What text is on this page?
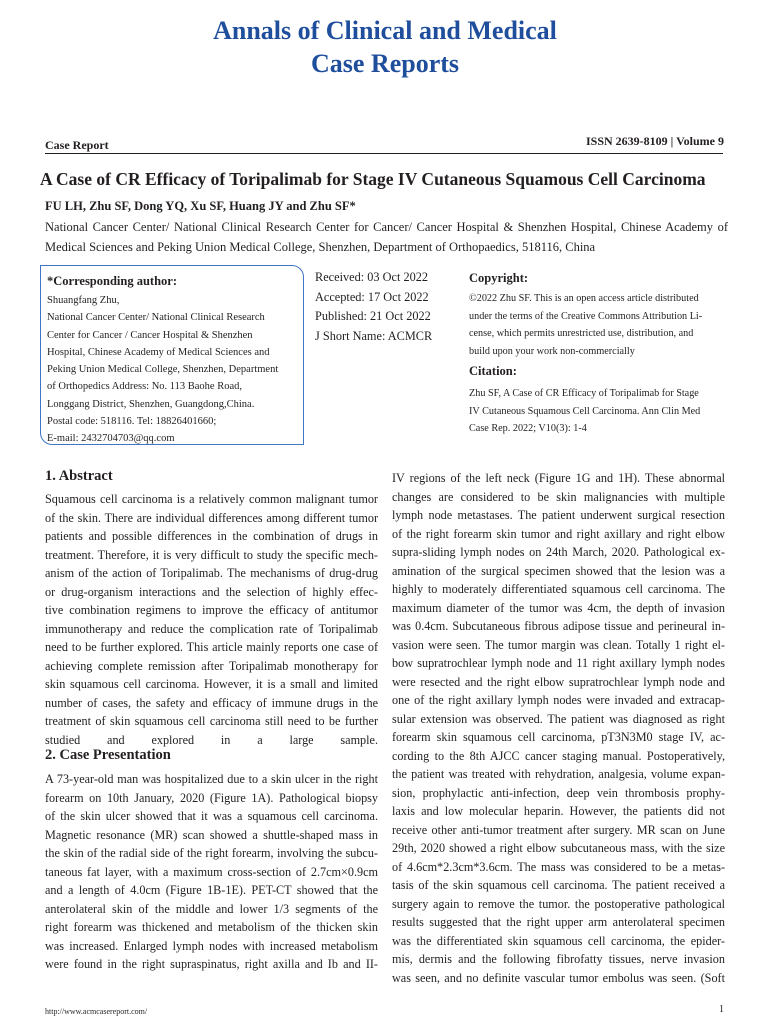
Annals of Clinical and Medical
Case Reports
Case Report	ISSN 2639-8109 | Volume 9
A Case of CR Efficacy of Toripalimab for Stage IV Cutaneous Squamous Cell Carcinoma
FU LH, Zhu SF, Dong YQ, Xu SF, Huang JY and Zhu SF*
National Cancer Center/ National Clinical Research Center for Cancer/ Cancer Hospital & Shenzhen Hospital, Chinese Academy of
Medical Sciences and Peking Union Medical College, Shenzhen, Department of Orthopaedics, 518116, China
*Corresponding author:
Shuangfang Zhu,
National Cancer Center/ National Clinical Research
Center for Cancer / Cancer Hospital & Shenzhen
Hospital, Chinese Academy of Medical Sciences and
Peking Union Medical College, Shenzhen, Department
of Orthopedics Address: No. 113 Baohe Road,
Longgang District, Shenzhen, Guangdong,China.
Postal code: 518116. Tel: 18826401660;
E-mail: 2432704703@qq.com
Received: 03 Oct 2022
Accepted: 17 Oct 2022
Published: 21 Oct 2022
J Short Name: ACMCR
Copyright:
©2022 Zhu SF. This is an open access article distributed
under the terms of the Creative Commons Attribution Li-
cense, which permits unrestricted use, distribution, and
build upon your work non-commercially
Citation:
Zhu SF, A Case of CR Efficacy of Toripalimab for Stage
IV Cutaneous Squamous Cell Carcinoma. Ann Clin Med
Case Rep. 2022; V10(3): 1-4
1. Abstract
Squamous cell carcinoma is a relatively common malignant tumor
of the skin. There are individual differences among different tumor
patients and possible differences in the combination of drugs in
treatment. Therefore, it is very difficult to study the specific mech-
anism of the action of Toripalimab. The mechanisms of drug-drug
or drug-organism interactions and the selection of highly effec-
tive combination regimens to improve the efficacy of antitumor
immunotherapy and reduce the complication rate of Toripalimab
need to be further explored. This article mainly reports one case of
achieving complete remission after Toripalimab monotherapy for
skin squamous cell carcinoma. However, it is a small and limited
number of cases, the safety and efficacy of immune drugs in the
treatment of skin squamous cell carcinoma still need to be further
studied and explored in a large sample.
2. Case Presentation
A 73-year-old man was hospitalized due to a skin ulcer in the right
forearm on 10th January, 2020 (Figure 1A). Pathological biopsy
of the skin ulcer showed that it was a squamous cell carcinoma.
Magnetic resonance (MR) scan showed a shuttle-shaped mass in
the skin of the radial side of the right forearm, involving the subcu-
taneous fat layer, with a maximum cross-section of 2.7cm×0.9cm
and a length of 4.0cm (Figure 1B-1E). PET-CT showed that the
anterolateral skin of the middle and lower 1/3 segments of the
right forearm was thickened and metabolism of the thicken skin
was increased. Enlarged lymph nodes with increased metabolism
were found in the right supraspinatus, right axilla and Ib and II-
IV regions of the left neck (Figure 1G and 1H). These abnormal
changes are considered to be skin malignancies with multiple
lymph node metastases. The patient underwent surgical resection
of the right forearm skin tumor and right axillary and right elbow
supra-sliding lymph nodes on 24th March, 2020. Pathological ex-
amination of the surgical specimen showed that the lesion was a
highly to moderately differentiated squamous cell carcinoma. The
maximum diameter of the tumor was 4cm, the depth of invasion
was 0.4cm. Subcutaneous fibrous adipose tissue and perineural in-
vasion were seen. The tumor margin was clean. Totally 1 right el-
bow supratrochlear lymph node and 11 right axillary lymph nodes
were resected and the right elbow supratrochlear lymph node and
one of the right axillary lymph nodes were invaded and extracap-
sular extension was observed. The patient was diagnosed as right
forearm skin squamous cell carcinoma, pT3N3M0 stage IV, ac-
cording to the 8th AJCC cancer staging manual. Postoperatively,
the patient was treated with rehydration, analgesia, volume expan-
sion, prophylactic anti-infection, deep vein thrombosis prophy-
laxis and low molecular heparin. However, the patients did not
receive other anti-tumor treatment after surgery. MR scan on June
29th, 2020 showed a right elbow subcutaneous mass, with the size
of 4.6cm*2.3cm*3.6cm. The mass was considered to be a metas-
tasis of the skin squamous cell carcinoma. The patient received a
surgery again to remove the tumor. the postoperative pathological
results suggested that the right upper arm anterolateral specimen
was the differentiated skin squamous cell carcinoma, the epider-
mis, dermis and the following fibrofatty tissues, nerve invasion
was seen, and no definite vascular tumor embolus was seen. (Soft
http://www.acmcasereport.com/	1
